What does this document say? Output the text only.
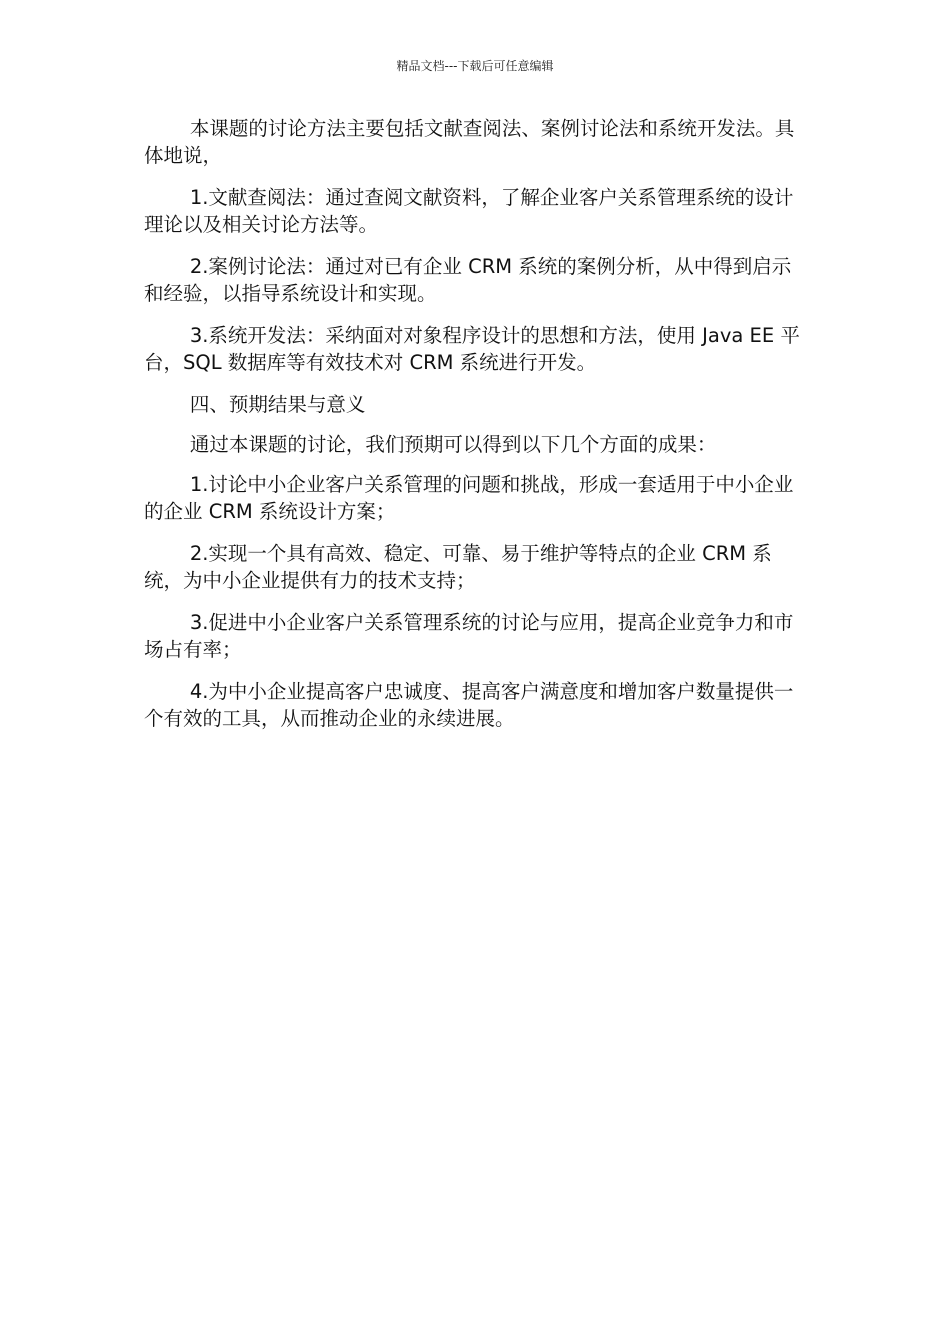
精品文档---下载后可任意编辑

本课题的讨论方法主要包括文献查阅法、案例讨论法和系统开发法。具体地说，

1.文献查阅法：通过查阅文献资料，了解企业客户关系管理系统的设计理论以及相关讨论方法等。

2.案例讨论法：通过对已有企业 CRM 系统的案例分析，从中得到启示和经验，以指导系统设计和实现。

3.系统开发法：采纳面对对象程序设计的思想和方法，使用 Java EE 平台，SQL 数据库等有效技术对 CRM 系统进行开发。

四、预期结果与意义

通过本课题的讨论，我们预期可以得到以下几个方面的成果：

1.讨论中小企业客户关系管理的问题和挑战，形成一套适用于中小企业的企业 CRM 系统设计方案；

2.实现一个具有高效、稳定、可靠、易于维护等特点的企业 CRM 系统，为中小企业提供有力的技术支持；

3.促进中小企业客户关系管理系统的讨论与应用，提高企业竞争力和市场占有率；

4.为中小企业提高客户忠诚度、提高客户满意度和增加客户数量提供一个有效的工具，从而推动企业的永续进展。
